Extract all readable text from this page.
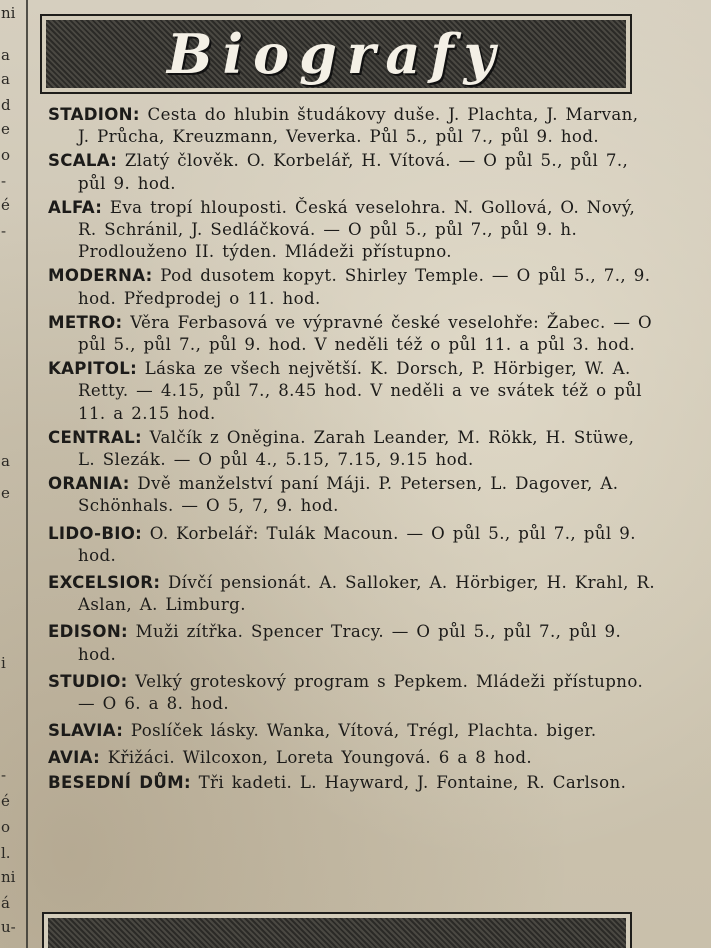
ni
a
a
d
e
o
-
é
-
a
e
i
-
é
o
l.
ni
á
u-
Biografy

STADION: Cesta do hlubin študákovy duše. J. Plachta, J. Marvan, J. Průcha, Kreuzmann, Veverka. Půl 5., půl 7., půl 9. hod.

SCALA: Zlatý člověk. O. Korbelář, H. Vítová. — O půl 5., půl 7., půl 9. hod.

ALFA: Eva tropí hlouposti. Česká veselohra. N. Gollová, O. Nový, R. Schránil, J. Sedláčková. — O půl 5., půl 7., půl 9. h. Prodlouženo II. týden. Mládeži přístupno.

MODERNA: Pod dusotem kopyt. Shirley Temple. — O půl 5., 7., 9. hod. Předprodej o 11. hod.

METRO: Věra Ferbasová ve výpravné české veselohře: Žabec. — O půl 5., půl 7., půl 9. hod. V neděli též o půl 11. a půl 3. hod.

KAPITOL: Láska ze všech největší. K. Dorsch, P. Hörbiger, W. A. Retty. — 4.15, půl 7., 8.45 hod. V neděli a ve svátek též o půl 11. a 2.15 hod.

CENTRAL: Valčík z Oněgina. Zarah Leander, M. Rökk, H. Stüwe, L. Slezák. — O půl 4., 5.15, 7.15, 9.15 hod.

ORANIA: Dvě manželství paní Máji. P. Petersen, L. Dagover, A. Schönhals. — O 5, 7, 9. hod.

LIDO-BIO: O. Korbelář: Tulák Macoun. — O půl 5., půl 7., půl 9. hod.

EXCELSIOR: Dívčí pensionát. A. Salloker, A. Hörbiger, H. Krahl, R. Aslan, A. Limburg.

EDISON: Muži zítřka. Spencer Tracy. — O půl 5., půl 7., půl 9. hod.

STUDIO: Velký groteskový program s Pepkem. Mládeži přístupno. — O 6. a 8. hod.

SLAVIA: Poslíček lásky. Wanka, Vítová, Trégl, Plachta. biger.

AVIA: Křižáci. Wilcoxon, Loreta Youngová. 6 a 8 hod.

BESEDNÍ DŮM: Tři kadeti. L. Hayward, J. Fontaine, R. Carlson.
